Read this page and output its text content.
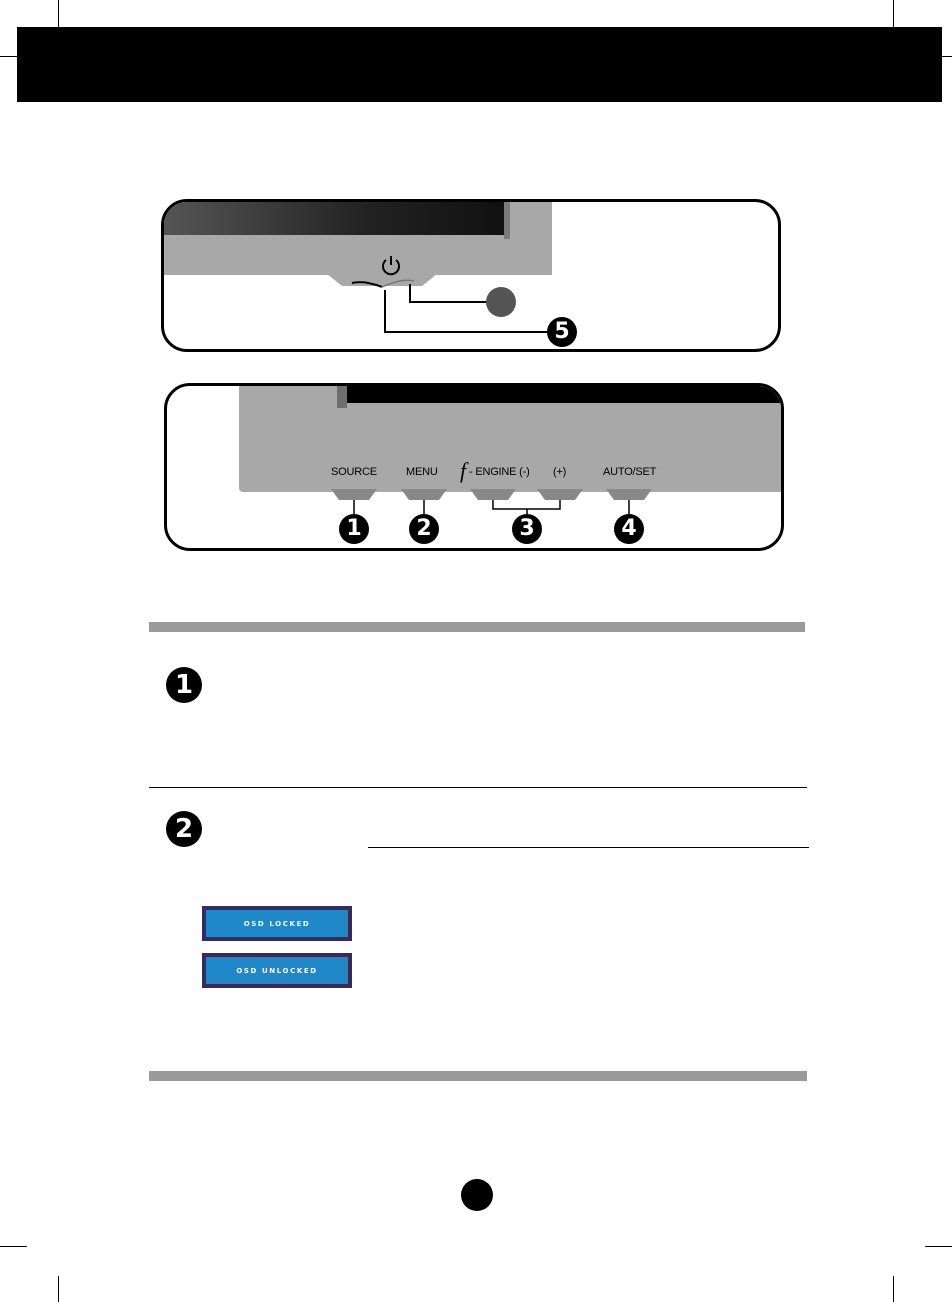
5
SOURCE	MENU f - ENGINE (-) (+)	AUTO/SET
1	2	3	4
1
2
OSD LOCKED
OSD UNLOCKED
